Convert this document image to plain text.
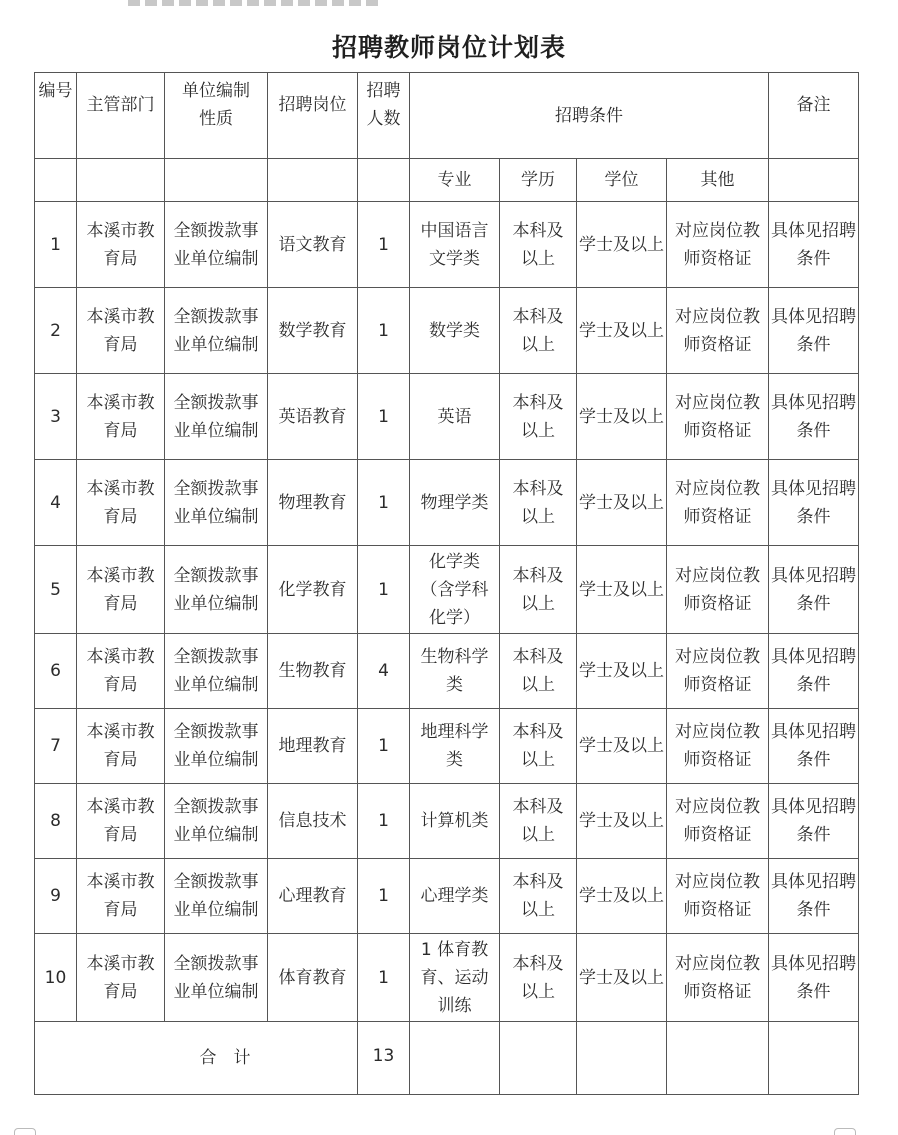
招聘教师岗位计划表
编号	主管部门	单位编制性质	招聘岗位	招聘人数	招聘条件				备注
					专业	学历	学位	其他	
1	本溪市教育局	全额拨款事业单位编制	语文教育	1	中国语言文学类	本科及以上	学士及以上	对应岗位教师资格证	具体见招聘条件
2	本溪市教育局	全额拨款事业单位编制	数学教育	1	数学类	本科及以上	学士及以上	对应岗位教师资格证	具体见招聘条件
3	本溪市教育局	全额拨款事业单位编制	英语教育	1	英语	本科及以上	学士及以上	对应岗位教师资格证	具体见招聘条件
4	本溪市教育局	全额拨款事业单位编制	物理教育	1	物理学类	本科及以上	学士及以上	对应岗位教师资格证	具体见招聘条件
5	本溪市教育局	全额拨款事业单位编制	化学教育	1	化学类（含学科化学）	本科及以上	学士及以上	对应岗位教师资格证	具体见招聘条件
6	本溪市教育局	全额拨款事业单位编制	生物教育	4	生物科学类	本科及以上	学士及以上	对应岗位教师资格证	具体见招聘条件
7	本溪市教育局	全额拨款事业单位编制	地理教育	1	地理科学类	本科及以上	学士及以上	对应岗位教师资格证	具体见招聘条件
8	本溪市教育局	全额拨款事业单位编制	信息技术	1	计算机类	本科及以上	学士及以上	对应岗位教师资格证	具体见招聘条件
9	本溪市教育局	全额拨款事业单位编制	心理教育	1	心理学类	本科及以上	学士及以上	对应岗位教师资格证	具体见招聘条件
10	本溪市教育局	全额拨款事业单位编制	体育教育	1	1 体育教育、运动训练	本科及以上	学士及以上	对应岗位教师资格证	具体见招聘条件
合　计				13					
